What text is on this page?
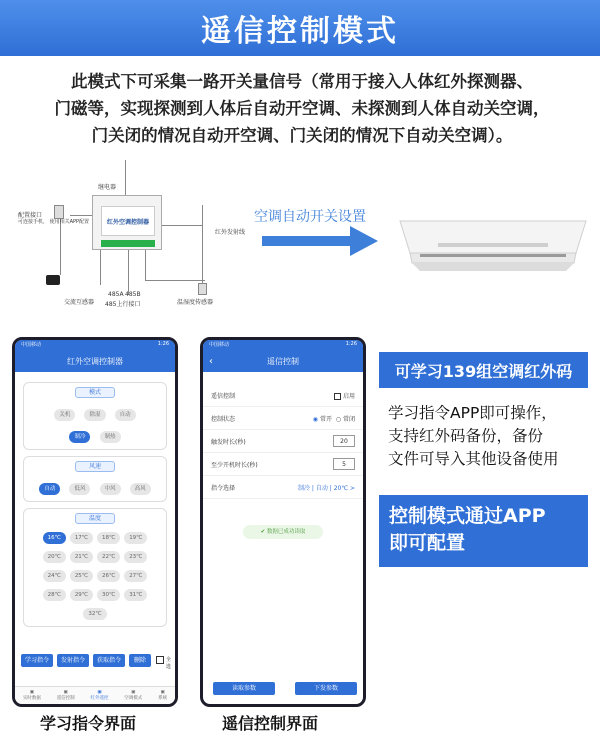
遥信控制模式
此模式下可采集一路开关量信号（常用于接入人体红外探测器、
门磁等，实现探测到人体后自动开空调、未探测到人体自动关空调，
门关闭的情况自动开空调、门关闭的情况下自动关空调）。
红外空调控制器
继电器
配置接口
可连接手机， 使用相关APP配置
红外发射线
交流互感器
485A 485B
485上行接口	温湿度传感器
空调自动开关设置
中国移动	1:26
红外空调控制器
模式
关机	除湿	自动
制冷	制热
风速
自动	低风	中风	高风
温度
16℃	17℃	18℃	19℃
20℃	21℃	22℃	23℃
24℃	25℃	26℃	27℃
28℃	29℃	30℃	31℃
32℃
学习指令	发射指令	获取指令	删除	全选
▣
实时数据
▣
遥信控制
▣
红外遥控
▣
空调模式
▣
系统
中国移动	1:26
‹	遥信控制
遥信控制	启用
控制状态	◉ 常开 ○ 常闭
触发时长(秒)	20
至少开机时长(秒)	5
指令选择	制冷 | 自动 | 20℃ >
✔ 数据已成功读取
读取参数	下发参数
学习指令界面	遥信控制界面
可学习139组空调红外码
学习指令APP即可操作，
支持红外码备份，备份
文件可导入其他设备使用
控制模式通过APP
即可配置
